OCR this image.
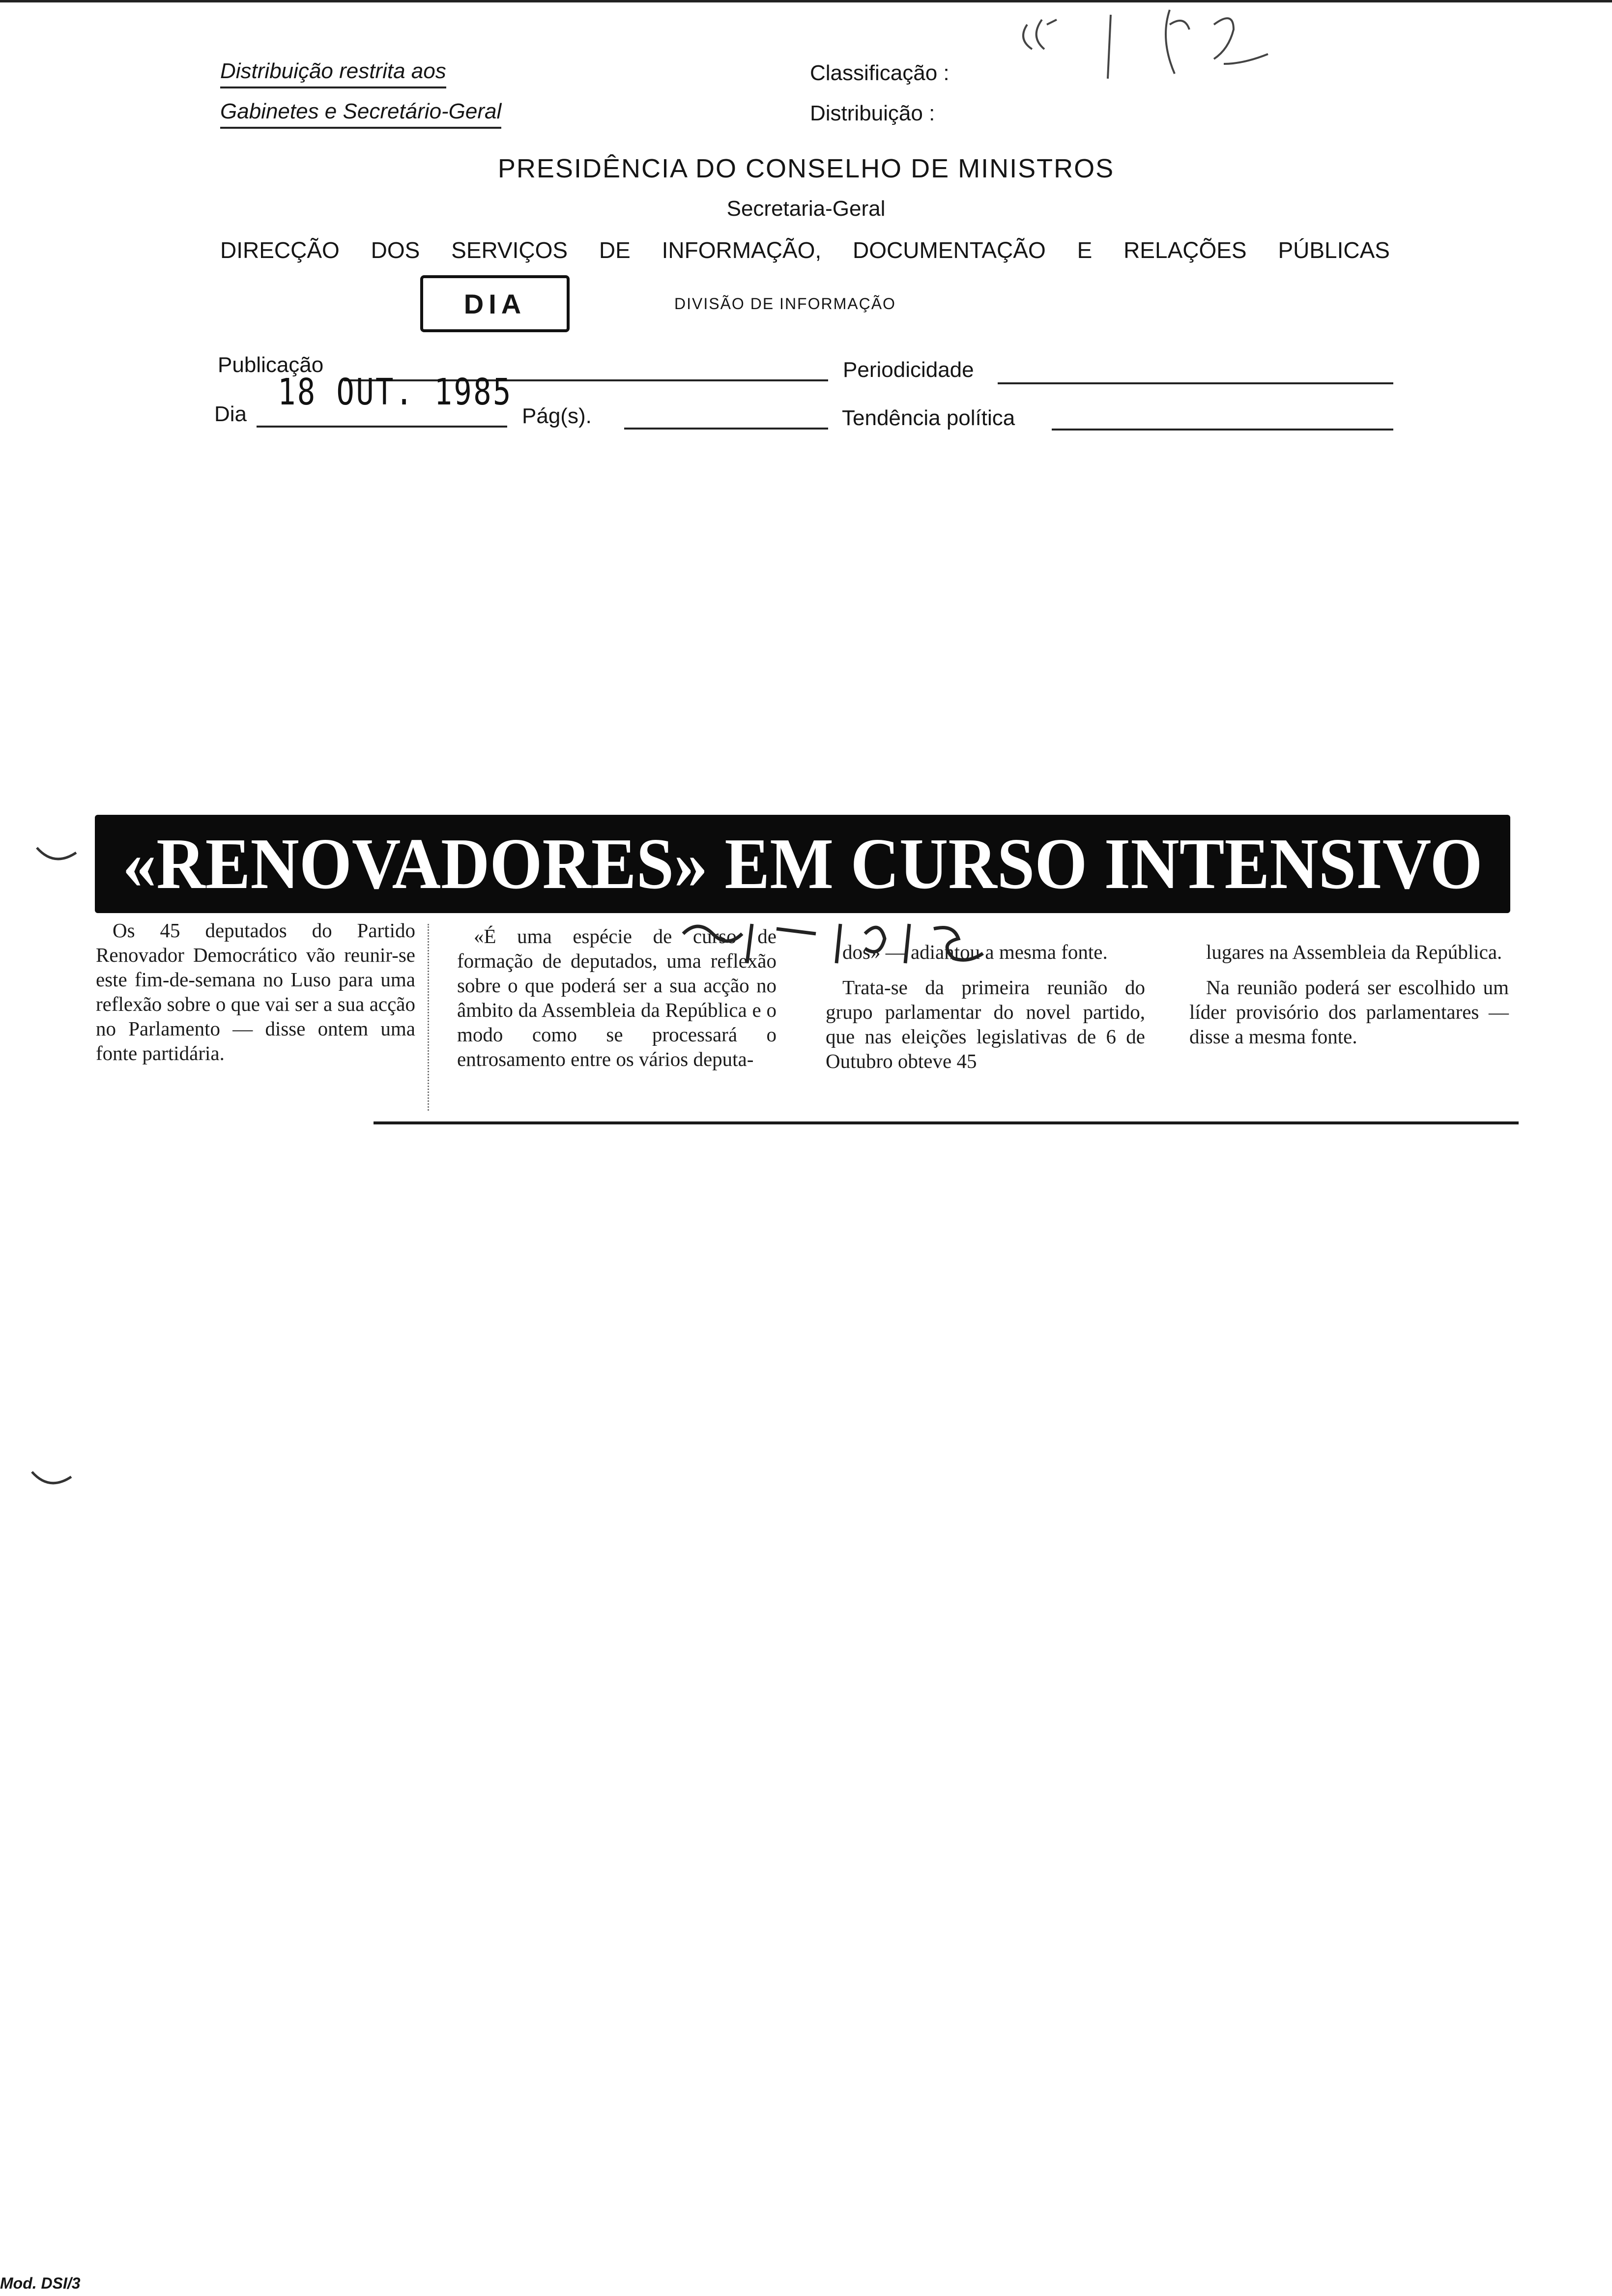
Distribuição restrita aos
Gabinetes e Secretário-Geral
Classificação :
Distribuição :
PRESIDÊNCIA DO CONSELHO DE MINISTROS
Secretaria-Geral
DIRECÇÃO DOS SERVIÇOS DE INFORMAÇÃO, DOCUMENTAÇÃO E RELAÇÕES PÚBLICAS
DIA	DIVISÃO DE INFORMAÇÃO
Publicação	Periodicidade
18 OUT. 1985
Dia	Pág(s).	Tendência política
«RENOVADORES» EM CURSO INTENSIVO

Os 45 deputados do Partido Renovador Democrático vão reunir-se este fim-de-semana no Luso para uma reflexão sobre o que vai ser a sua acção no Parlamento — disse ontem uma fonte partidária.

«É uma espécie de curso de formação de deputados, uma reflexão sobre o que poderá ser a sua acção no âmbito da Assembleia da República e o modo como se processará o entrosamento entre os vários deputa-

dos» — adiantou a mesma fonte.

Trata-se da primeira reunião do grupo parlamentar do novel partido, que nas eleições legislativas de 6 de Outubro obteve 45

lugares na Assembleia da República.

Na reunião poderá ser escolhido um líder provisório dos parlamentares — disse a mesma fonte.

Mod. DSI/3
